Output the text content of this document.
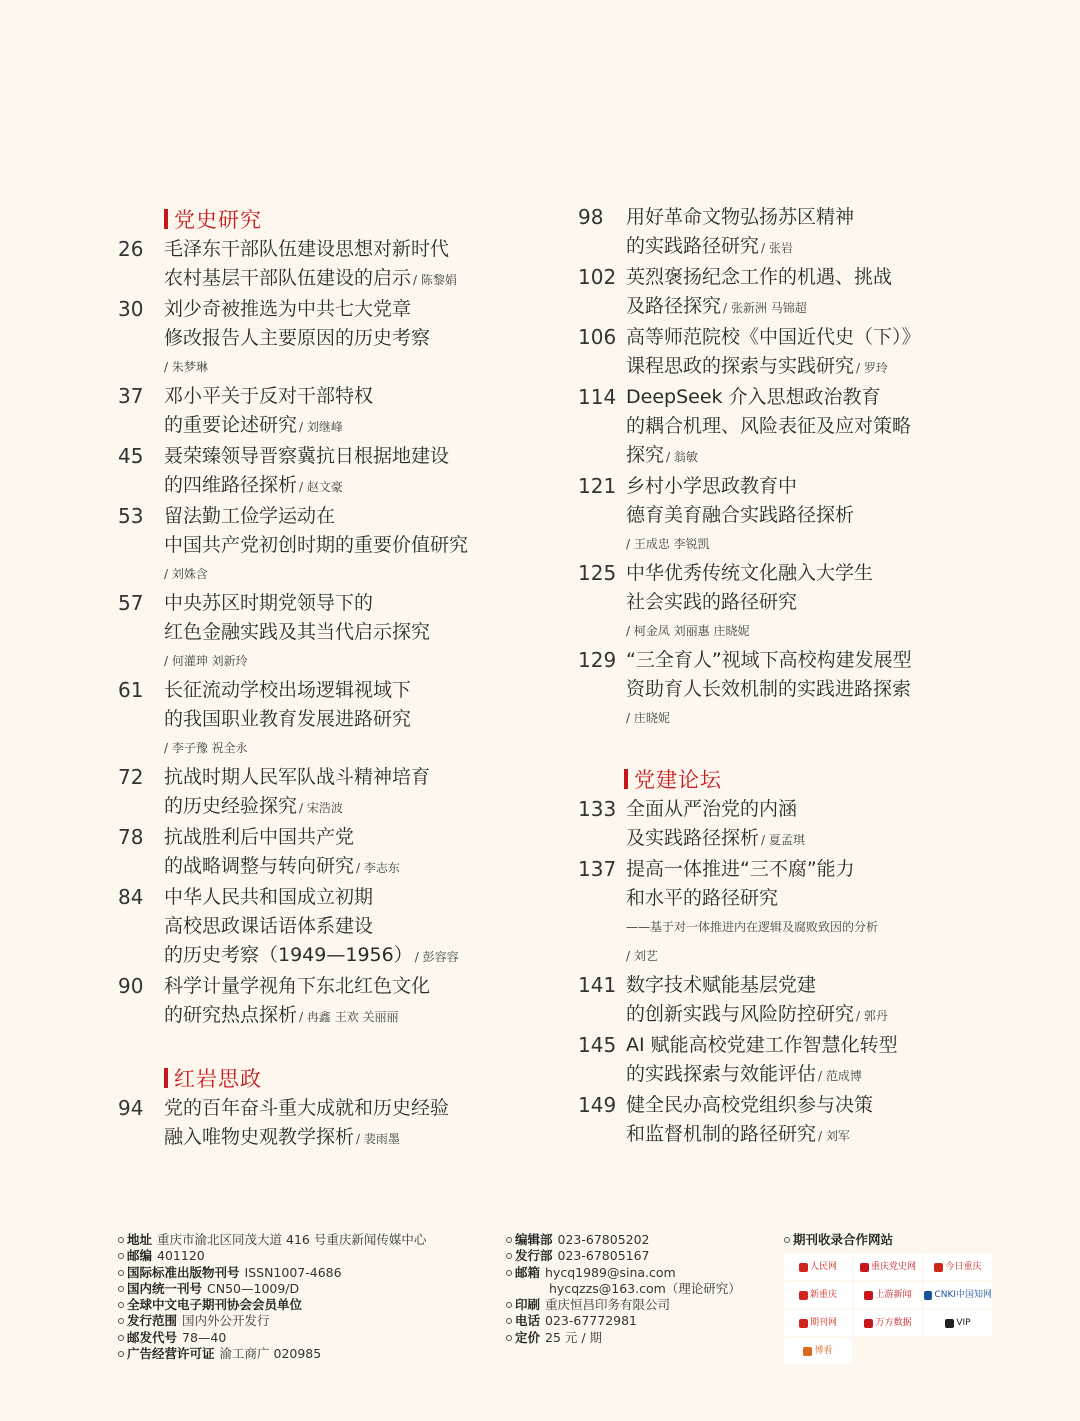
党史研究
26	毛泽东干部队伍建设思想对新时代
农村基层干部队伍建设的启示 / 陈黎娟
30	刘少奇被推选为中共七大党章
修改报告人主要原因的历史考察
/ 朱梦琳
37	邓小平关于反对干部特权
的重要论述研究 / 刘继峰
45	聂荣臻领导晋察冀抗日根据地建设
的四维路径探析 / 赵文豪
53	留法勤工俭学运动在
中国共产党初创时期的重要价值研究
/ 刘姝含
57	中央苏区时期党领导下的
红色金融实践及其当代启示探究
/ 何灌珅 刘新玲
61	长征流动学校出场逻辑视域下
的我国职业教育发展进路研究
/ 李子豫 祝全永
72	抗战时期人民军队战斗精神培育
的历史经验探究 / 宋浩波
78	抗战胜利后中国共产党
的战略调整与转向研究 / 李志东
84	中华人民共和国成立初期
高校思政课话语体系建设
的历史考察（1949—1956） / 彭容容
90	科学计量学视角下东北红色文化
的研究热点探析 / 冉鑫 王欢 关丽丽
红岩思政
94	党的百年奋斗重大成就和历史经验
融入唯物史观教学探析 / 裴雨墨
98	用好革命文物弘扬苏区精神
的实践路径研究 / 张岩
102 英烈褒扬纪念工作的机遇、挑战
及路径探究 / 张新洲 马锦超
106 高等师范院校《中国近代史（下）》
课程思政的探索与实践研究 / 罗玲
114 DeepSeek 介入思想政治教育
的耦合机理、风险表征及应对策略
探究 / 翁敏
121 乡村小学思政教育中
德育美育融合实践路径探析
/ 王成忠 李锐凯
125 中华优秀传统文化融入大学生
社会实践的路径研究
/ 柯金凤 刘丽惠 庄晓妮
129 “三全育人”视域下高校构建发展型
资助育人长效机制的实践进路探索
/ 庄晓妮
党建论坛
133 全面从严治党的内涵
及实践路径探析 / 夏孟琪
137 提高一体推进“三不腐”能力
和水平的路径研究
——基于对一体推进内在逻辑及腐败致因的分析
/ 刘艺
141 数字技术赋能基层党建
的创新实践与风险防控研究 / 郭丹
145 AI 赋能高校党建工作智慧化转型
的实践探索与效能评估 / 范成博
149 健全民办高校党组织参与决策
和监督机制的路径研究 / 刘军
地址 重庆市渝北区同茂大道 416 号重庆新闻传媒中心
邮编 401120
国际标准出版物刊号 ISSN1007-4686
国内统一刊号 CN50—1009/D
全球中文电子期刊协会会员单位
发行范围 国内外公开发行
邮发代号 78—40
广告经营许可证 渝工商广 020985
编辑部 023-67805202
发行部 023-67805167
邮箱 hycq1989@sina.com
hycqzzs@163.com（理论研究）
印刷 重庆恒昌印务有限公司
电话 023-67772981
定价 25 元 / 期
期刊收录合作网站
人民网	重庆党史网	今日重庆
新重庆	上游新闻	CNKI中国知网
期刊网	万方数据	VIP
博看
